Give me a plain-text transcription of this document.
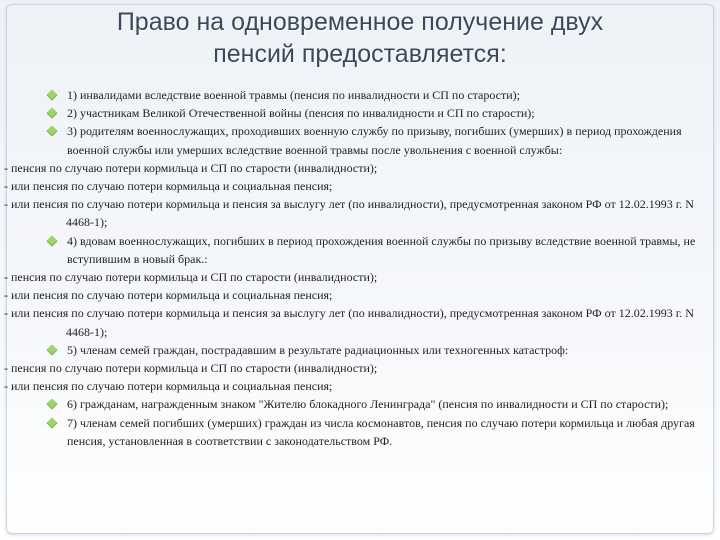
Право на одновременное получение двух
пенсий предоставляется:
1) инвалидами вследствие военной травмы (пенсия по инвалидности и СП по старости);
2) участникам Великой Отечественной войны (пенсия по инвалидности и СП по старости);
3) родителям военнослужащих, проходивших военную службу по призыву, погибших (умерших) в период прохождения военной службы или умерших вследствие военной травмы после увольнения с военной службы:
- пенсия по случаю потери кормильца и СП по старости (инвалидности);
- или пенсия по случаю потери кормильца и социальная пенсия;
- или пенсия по случаю потери кормильца и пенсия за выслугу лет (по инвалидности), предусмотренная законом РФ от 12.02.1993 г. N 4468-1);
4) вдовам военнослужащих, погибших в период прохождения военной службы по призыву вследствие военной травмы, не вступившим в новый брак.:
- пенсия по случаю потери кормильца и СП по старости (инвалидности);
- или пенсия по случаю потери кормильца и социальная пенсия;
- или пенсия по случаю потери кормильца и пенсия за выслугу лет (по инвалидности), предусмотренная законом РФ от 12.02.1993 г. N 4468-1);
5) членам семей граждан, пострадавшим в результате радиационных или техногенных катастроф:
- пенсия по случаю потери кормильца и СП по старости (инвалидности);
- или пенсия по случаю потери кормильца и социальная пенсия;
6) гражданам, награжденным знаком "Жителю блокадного Ленинграда" (пенсия по инвалидности и СП по старости);
7) членам семей погибших (умерших) граждан из числа космонавтов, пенсия по случаю потери кормильца и любая другая пенсия, установленная в соответствии с законодательством РФ.
